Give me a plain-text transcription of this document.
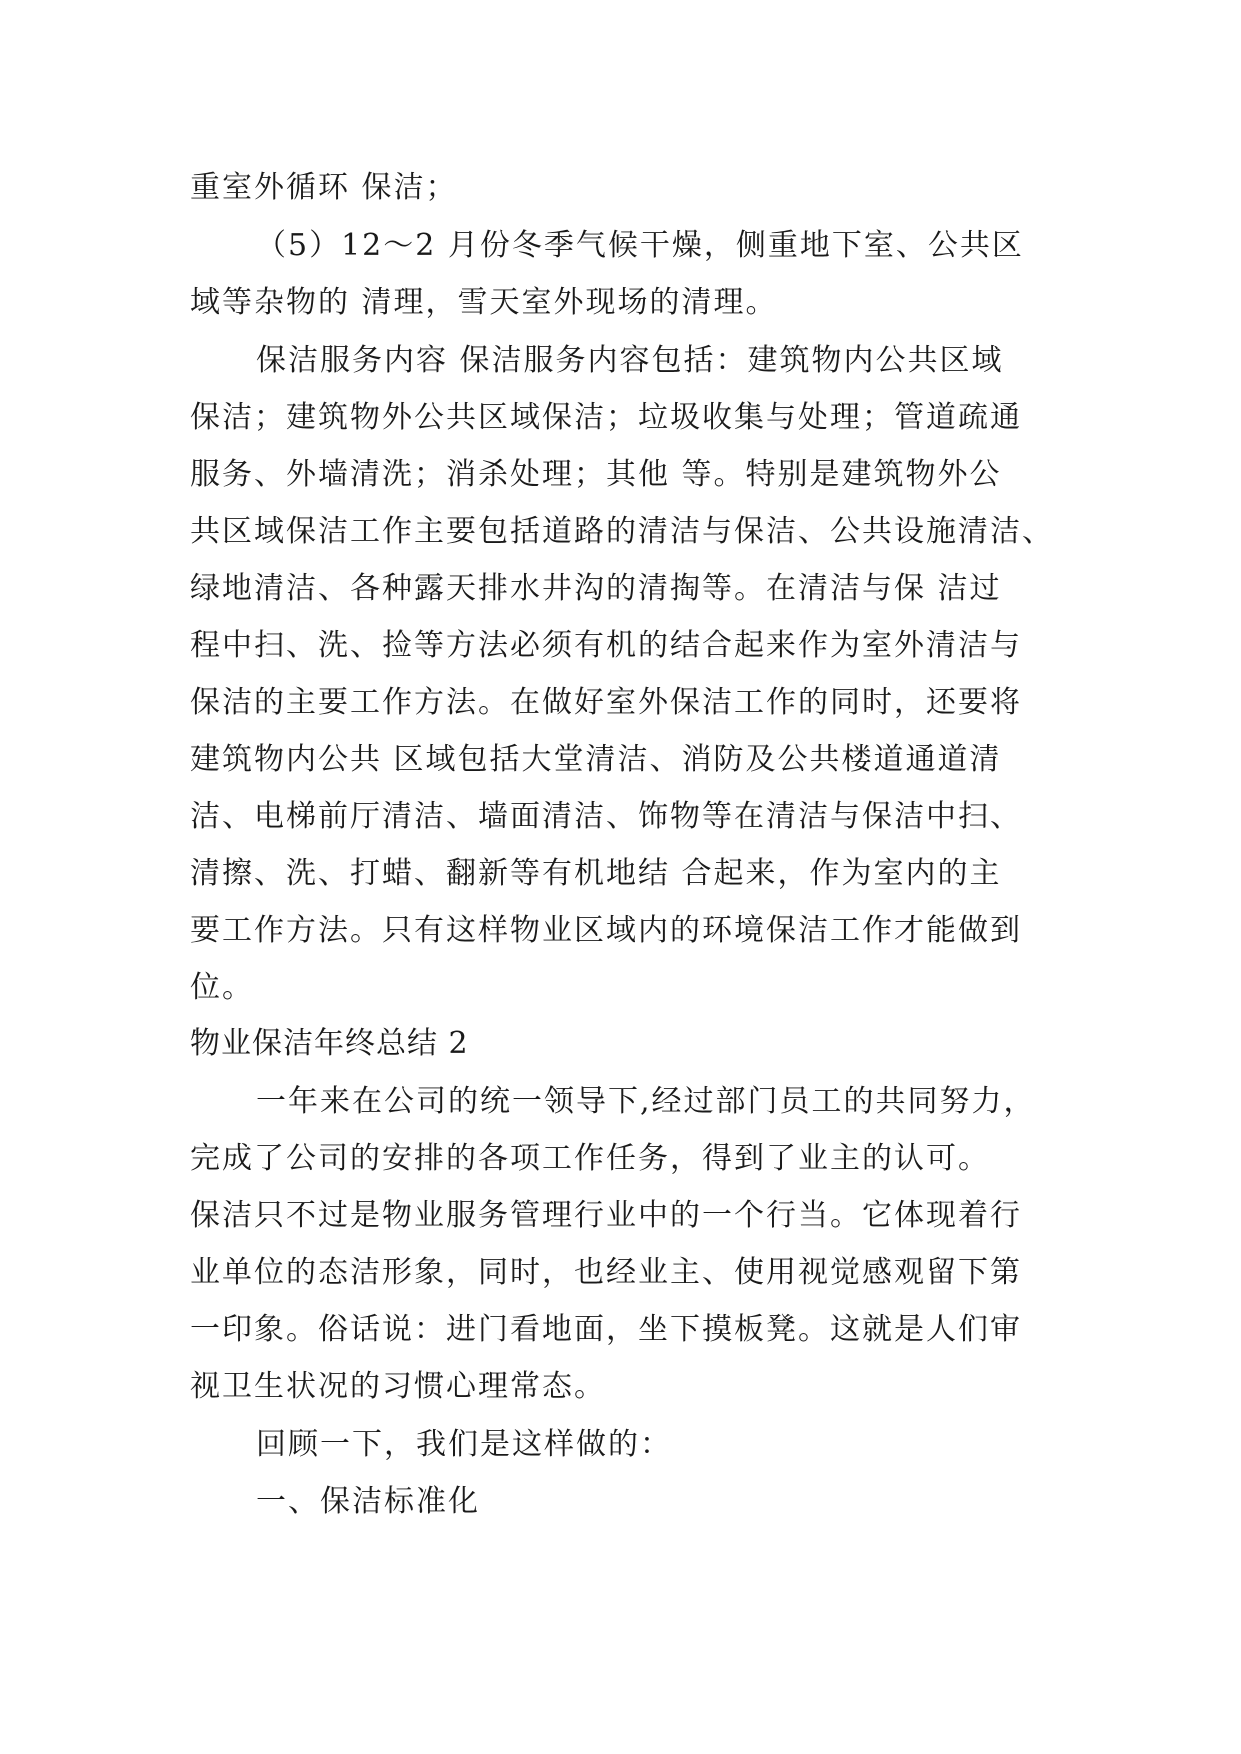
重室外循环 保洁；
（5）12～2 月份冬季气候干燥，侧重地下室、公共区
域等杂物的 清理，雪天室外现场的清理。
保洁服务内容 保洁服务内容包括：建筑物内公共区域
保洁；建筑物外公共区域保洁；垃圾收集与处理；管道疏通
服务、外墙清洗；消杀处理；其他 等。特别是建筑物外公
共区域保洁工作主要包括道路的清洁与保洁、公共设施清洁、
绿地清洁、各种露天排水井沟的清掏等。在清洁与保 洁过
程中扫、洗、捡等方法必须有机的结合起来作为室外清洁与
保洁的主要工作方法。在做好室外保洁工作的同时，还要将
建筑物内公共 区域包括大堂清洁、消防及公共楼道通道清
洁、电梯前厅清洁、墙面清洁、饰物等在清洁与保洁中扫、
清擦、洗、打蜡、翻新等有机地结 合起来，作为室内的主
要工作方法。只有这样物业区域内的环境保洁工作才能做到
位。
物业保洁年终总结 2
一年来在公司的统一领导下,经过部门员工的共同努力，
完成了公司的安排的各项工作任务，得到了业主的认可。
保洁只不过是物业服务管理行业中的一个行当。它体现着行
业单位的态洁形象，同时，也经业主、使用视觉感观留下第
一印象。俗话说：进门看地面，坐下摸板凳。这就是人们审
视卫生状况的习惯心理常态。
回顾一下，我们是这样做的：
一、保洁标准化
